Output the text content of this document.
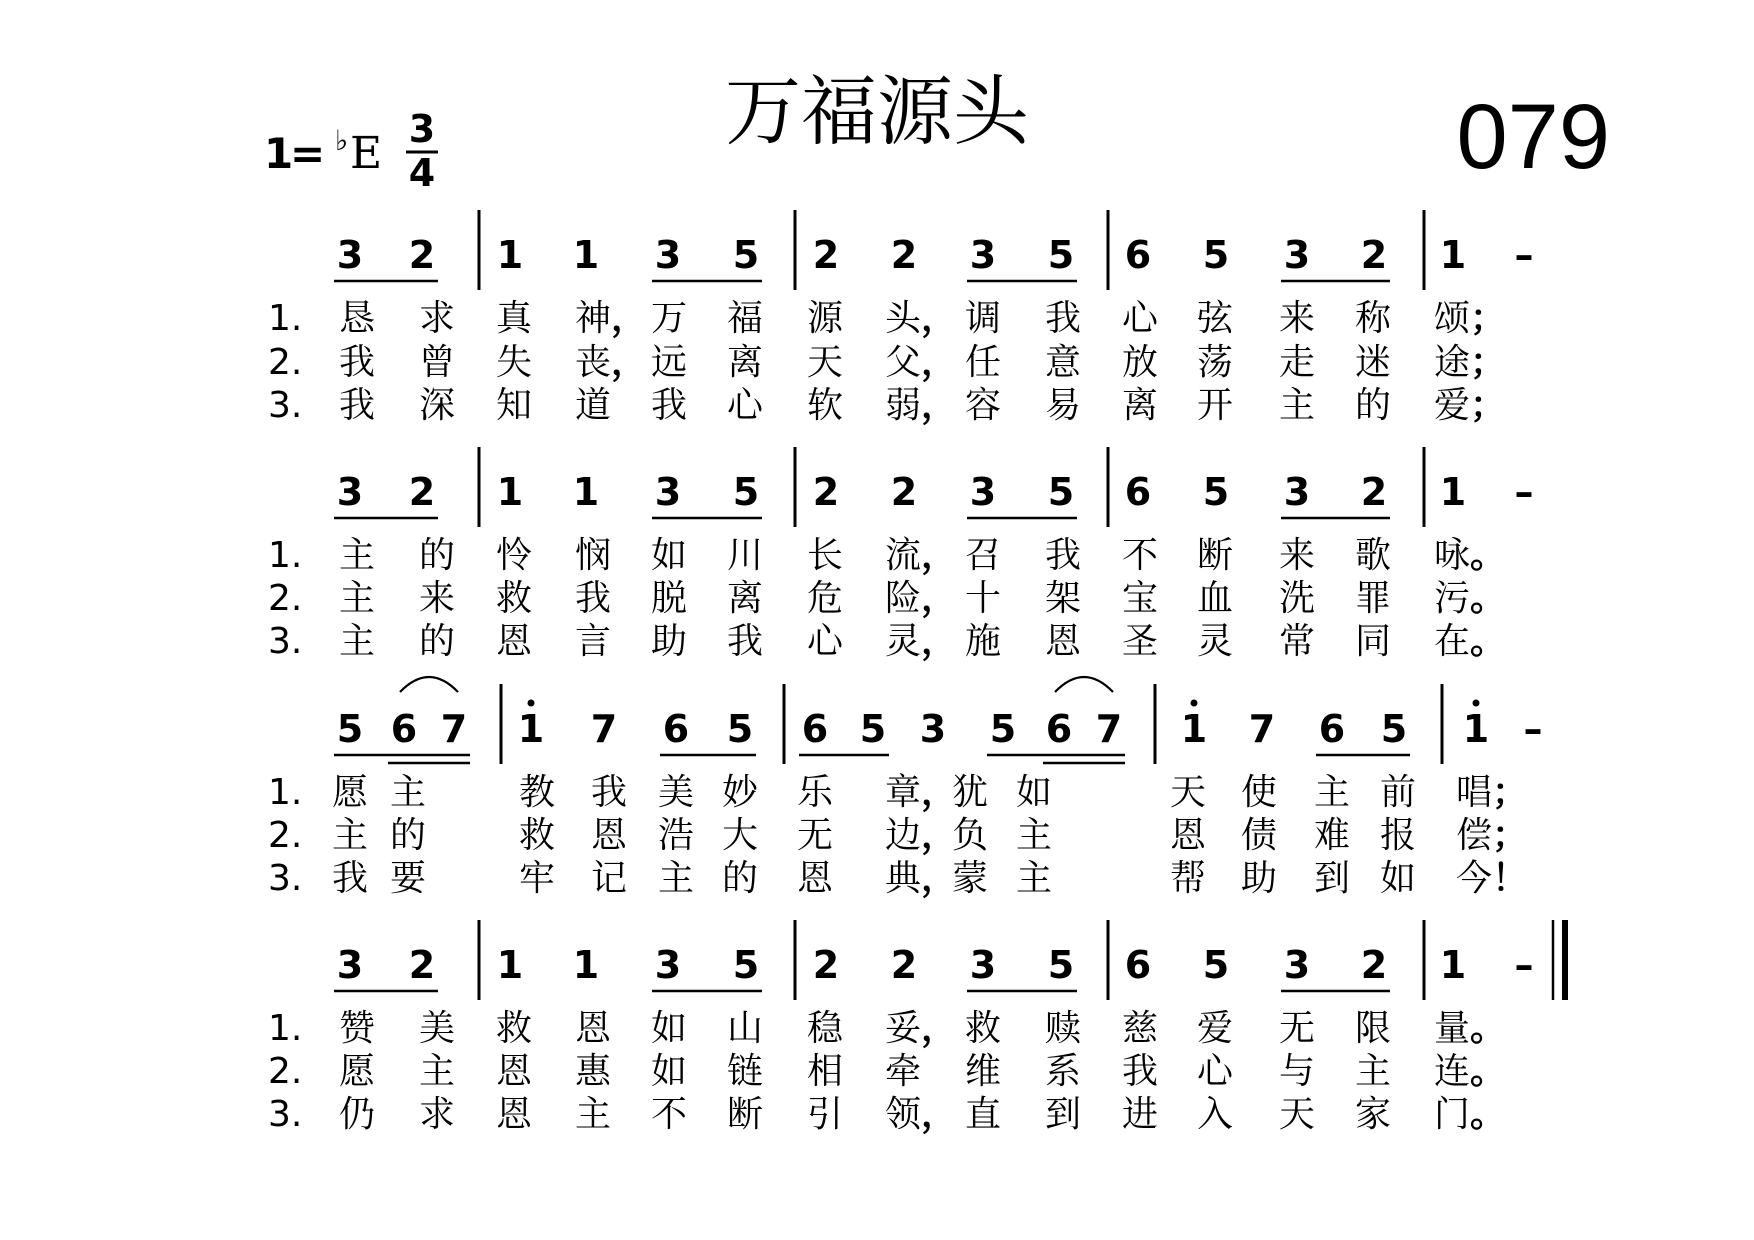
万福源头	079
1
= ♭ E 3
4
3 2 1 1 3 5 2 2 3 5 6 5 3 2 1 –
1. 恳 求 真 神 ， 万 福 源 头 ， 调 我 心 弦 来 称 颂 ；
2. 我 曾 失 丧 ， 远 离 天 父 ， 任 意 放 荡 走 迷 途 ；
3. 我 深 知 道 我 心 软 弱 ， 容 易 离 开 主 的 爱 ；
3 2 1 1 3 5 2 2 3 5 6 5 3 2 1 –
1. 主 的 怜 悯 如 川 长 流 ， 召 我 不 断 来 歌 咏 。
2. 主 来 救 我 脱 离 危 险 ， 十 架 宝 血 洗 罪 污 。
3. 主 的 恩 言 助 我 心 灵 ， 施 恩 圣 灵 常 同 在 。
5 6 7 1 7 6 5 6 5 3 5 6 7 1 7 6 5 1 –
1. 愿 主	教 我 美 妙 乐 章 ，
犹 如	天 使 主 前 唱 ；
2. 主 的	救 恩 浩 大 无 边 ，
负 主	恩 债 难 报 偿 ；
3. 我 要	牢 记 主 的 恩 典 ，
蒙 主	帮 助 到 如 今 ！
3 2 1 1 3 5 2 2 3 5 6 5 3 2 1 –
1. 赞 美 救 恩 如 山 稳 妥 ， 救 赎 慈 爱 无 限 量 。
2. 愿 主 恩 惠 如 链 相 牵 维 系 我 心 与 主 连 。
3. 仍 求 恩 主 不 断 引 领 ， 直 到 进 入 天 家 门 。
